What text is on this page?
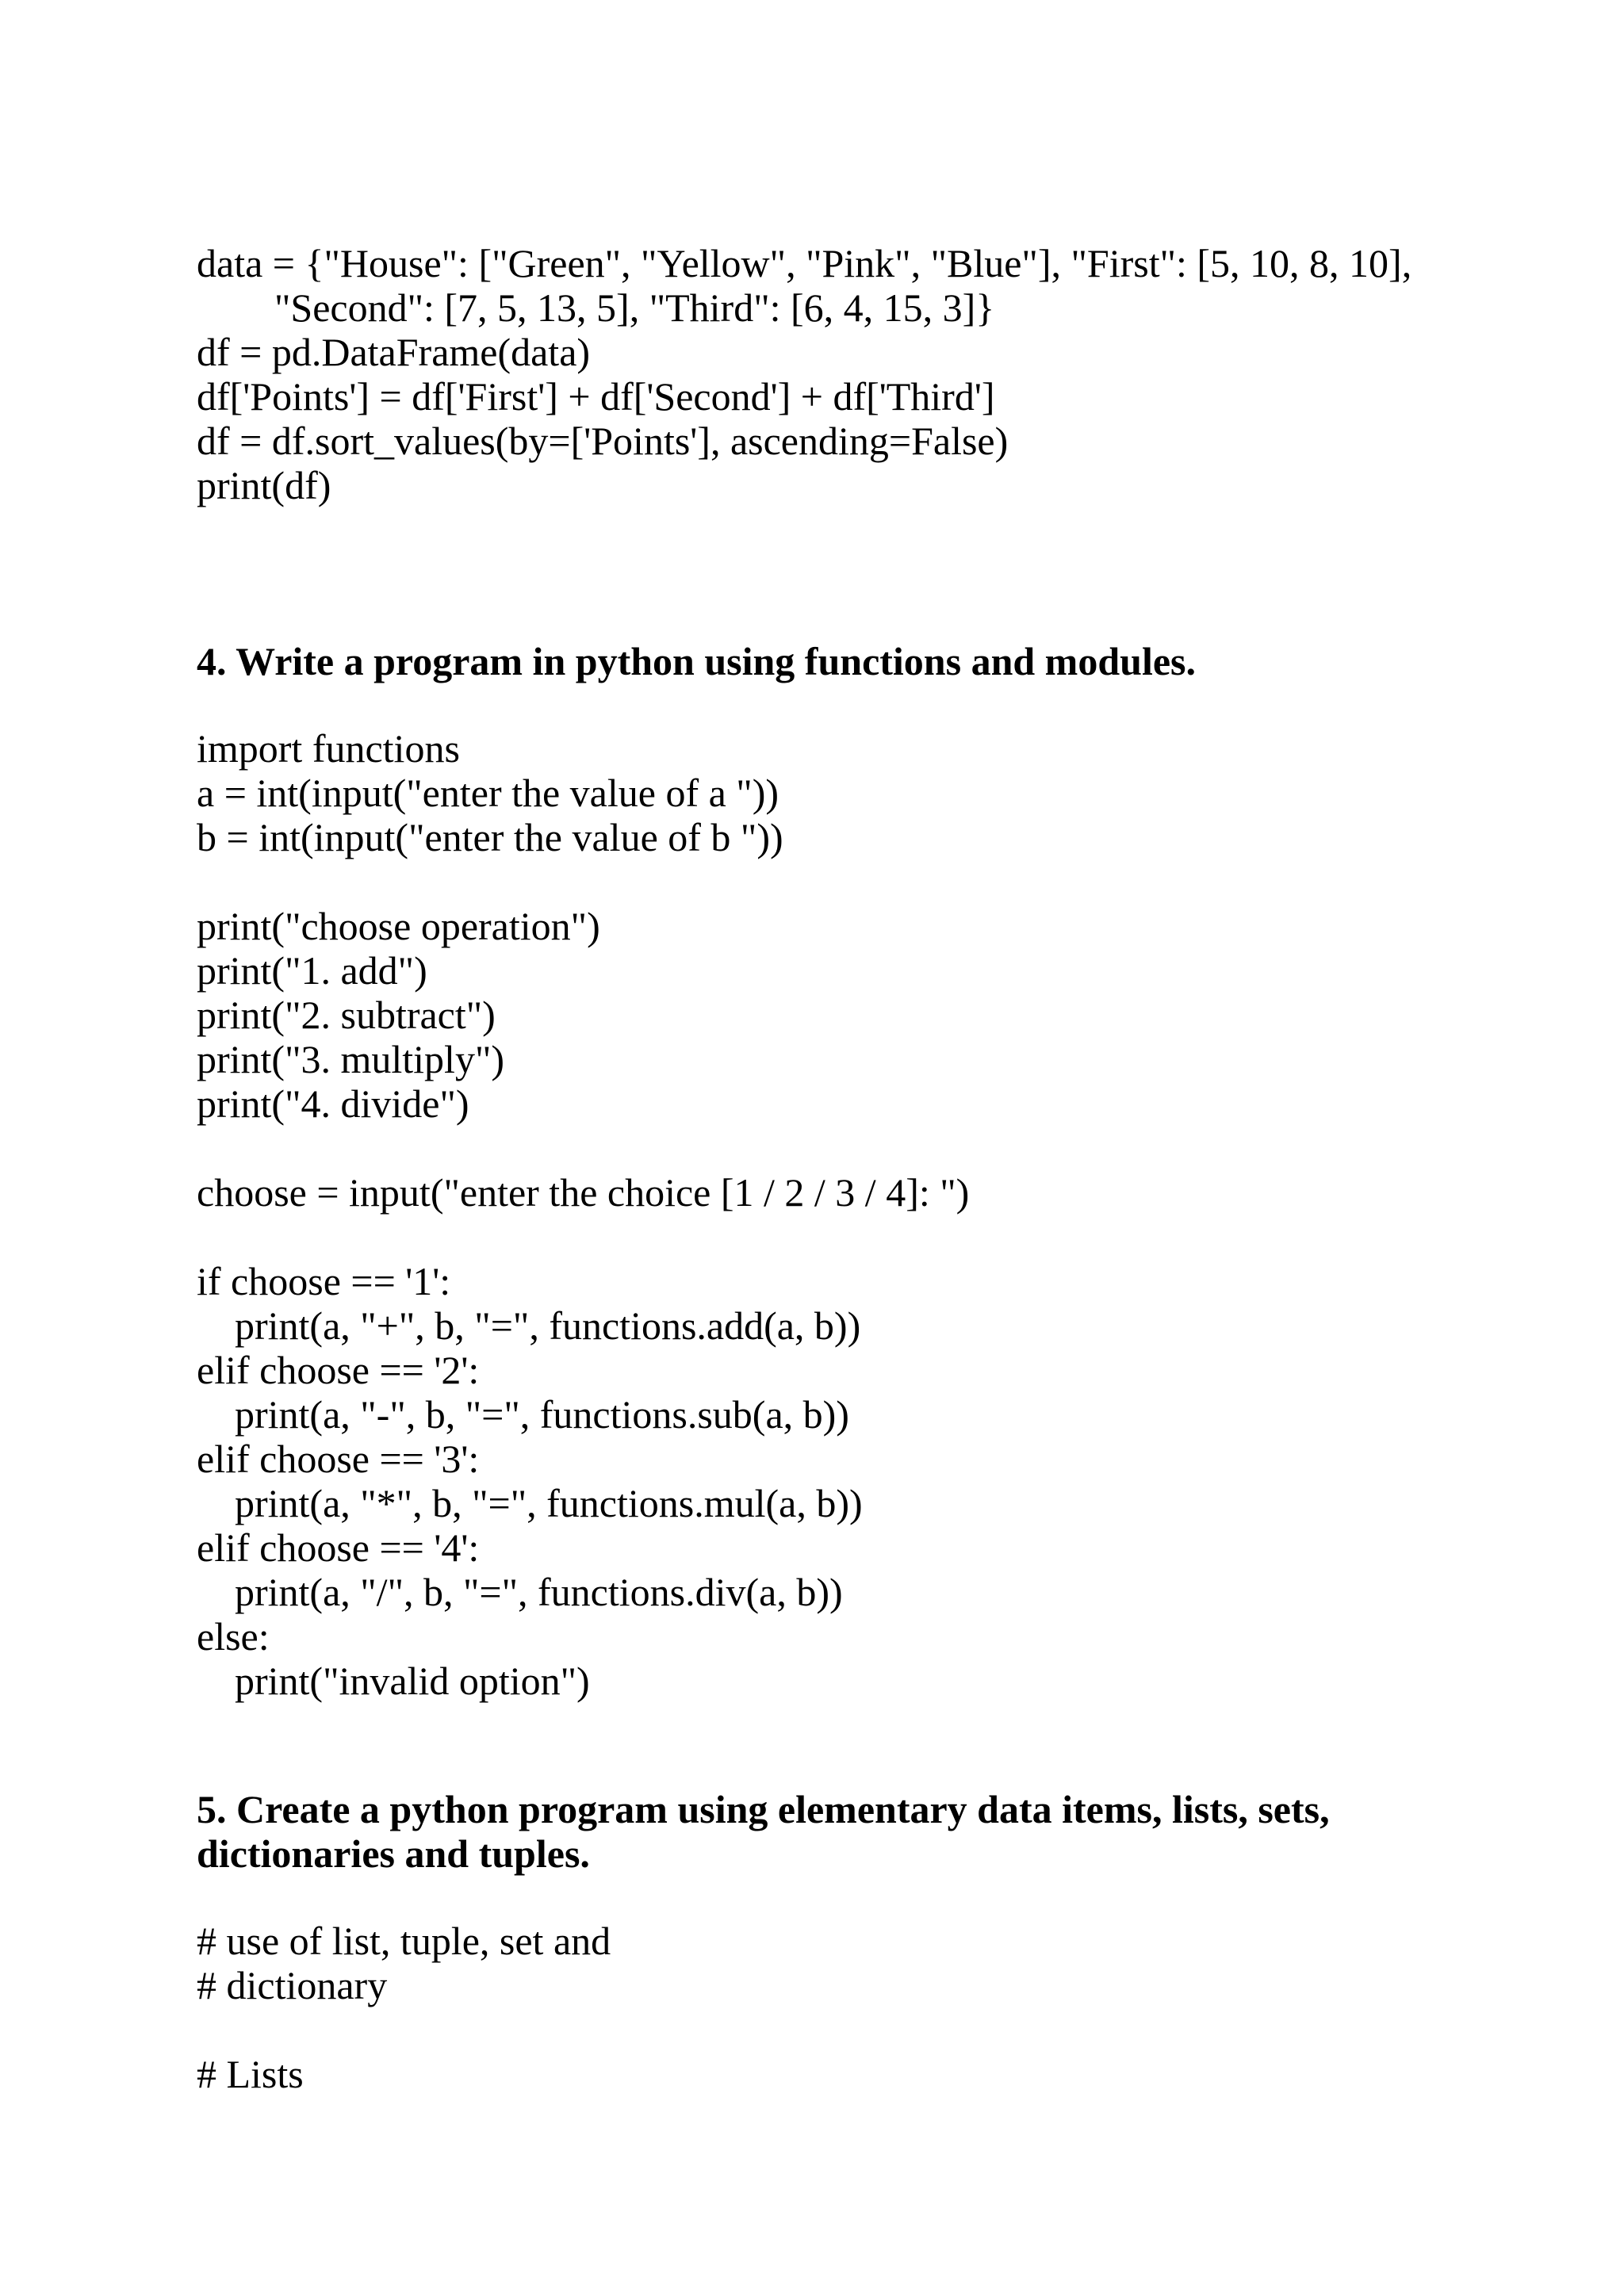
data = {"House": ["Green", "Yellow", "Pink", "Blue"], "First": [5, 10, 8, 10],
"Second": [7, 5, 13, 5], "Third": [6, 4, 15, 3]}
df = pd.DataFrame(data)
df['Points'] = df['First'] + df['Second'] + df['Third']
df = df.sort_values(by=['Points'], ascending=False)
print(df)
4. Write a program in python using functions and modules.
import functions
a = int(input("enter the value of a "))
b = int(input("enter the value of b "))
print("choose operation")
print("1. add")
print("2. subtract")
print("3. multiply")
print("4. divide")
choose = input("enter the choice [1 / 2 / 3 / 4]: ")
if choose == '1':
print(a, "+", b, "=", functions.add(a, b))
elif choose == '2':
print(a, "-", b, "=", functions.sub(a, b))
elif choose == '3':
print(a, "*", b, "=", functions.mul(a, b))
elif choose == '4':
print(a, "/", b, "=", functions.div(a, b))
else:
print("invalid option")
5. Create a python program using elementary data items, lists, sets,
dictionaries and tuples.
# use of list, tuple, set and
# dictionary
# Lists
